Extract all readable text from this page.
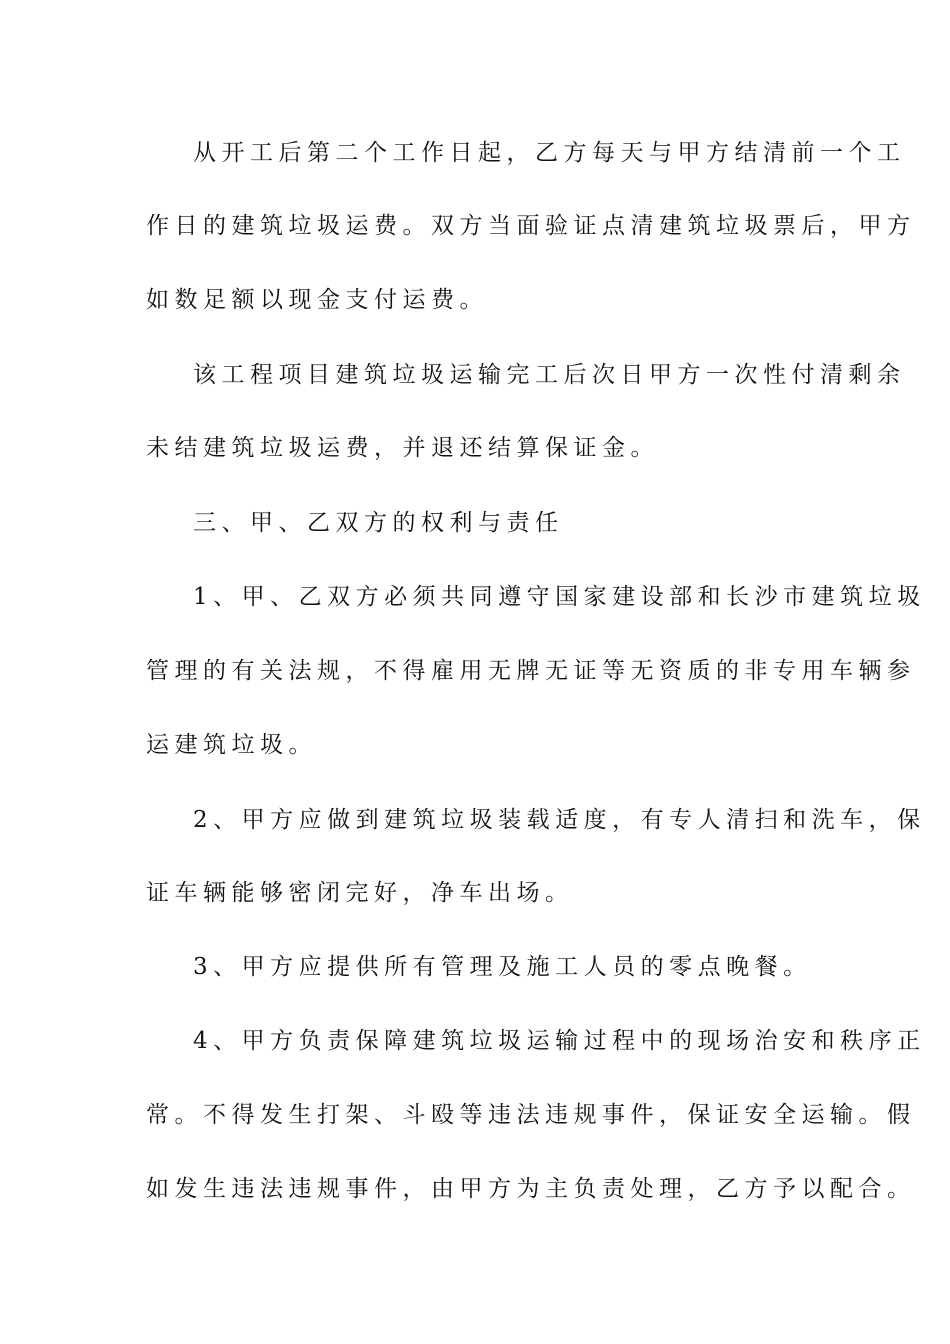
从开工后第二个工作日起，乙方每天与甲方结清前一个工

作日的建筑垃圾运费。双方当面验证点清建筑垃圾票后，甲方

如数足额以现金支付运费。

该工程项目建筑垃圾运输完工后次日甲方一次性付清剩余

未结建筑垃圾运费，并退还结算保证金。

三、甲、乙双方的权利与责任

1、甲、乙双方必须共同遵守国家建设部和长沙市建筑垃圾

管理的有关法规，不得雇用无牌无证等无资质的非专用车辆参

运建筑垃圾。

2、甲方应做到建筑垃圾装载适度，有专人清扫和洗车，保

证车辆能够密闭完好，净车出场。

3、甲方应提供所有管理及施工人员的零点晚餐。

4、甲方负责保障建筑垃圾运输过程中的现场治安和秩序正

常。不得发生打架、斗殴等违法违规事件，保证安全运输。假

如发生违法违规事件，由甲方为主负责处理，乙方予以配合。
